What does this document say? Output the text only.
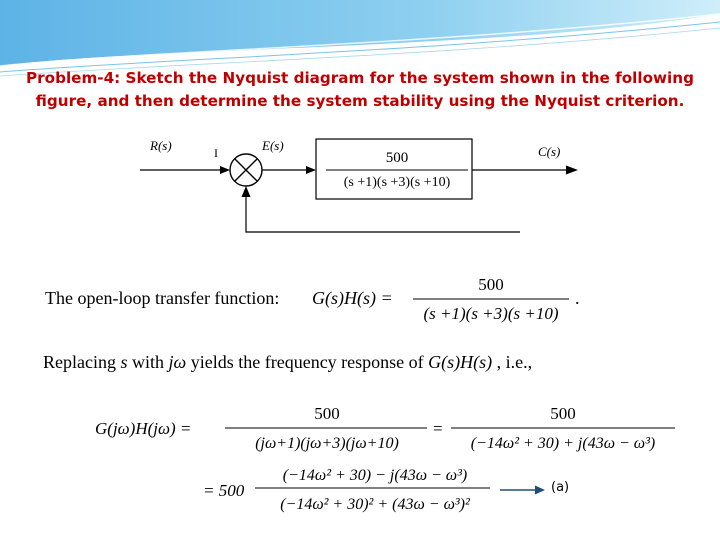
Problem-4: Sketch the Nyquist diagram for the system shown in the following
figure, and then determine the system stability using the Nyquist criterion.
R(s)	I	E(s)
500
(s +1)(s +3)(s +10)
C(s)
The open-loop transfer function: G(s)H(s) =
500
(s +1)(s +3)(s +10)
.
Replacing s with jω yields the frequency response of G(s)H(s) , i.e.,
G(jω)H(jω) =
500
(jω+1)(jω+3)(jω+10)
=
500
(−14ω² + 30) + j(43ω − ω³)
= 500
(−14ω² + 30) − j(43ω − ω³)
(−14ω² + 30)² + (43ω − ω³)²
(a)
